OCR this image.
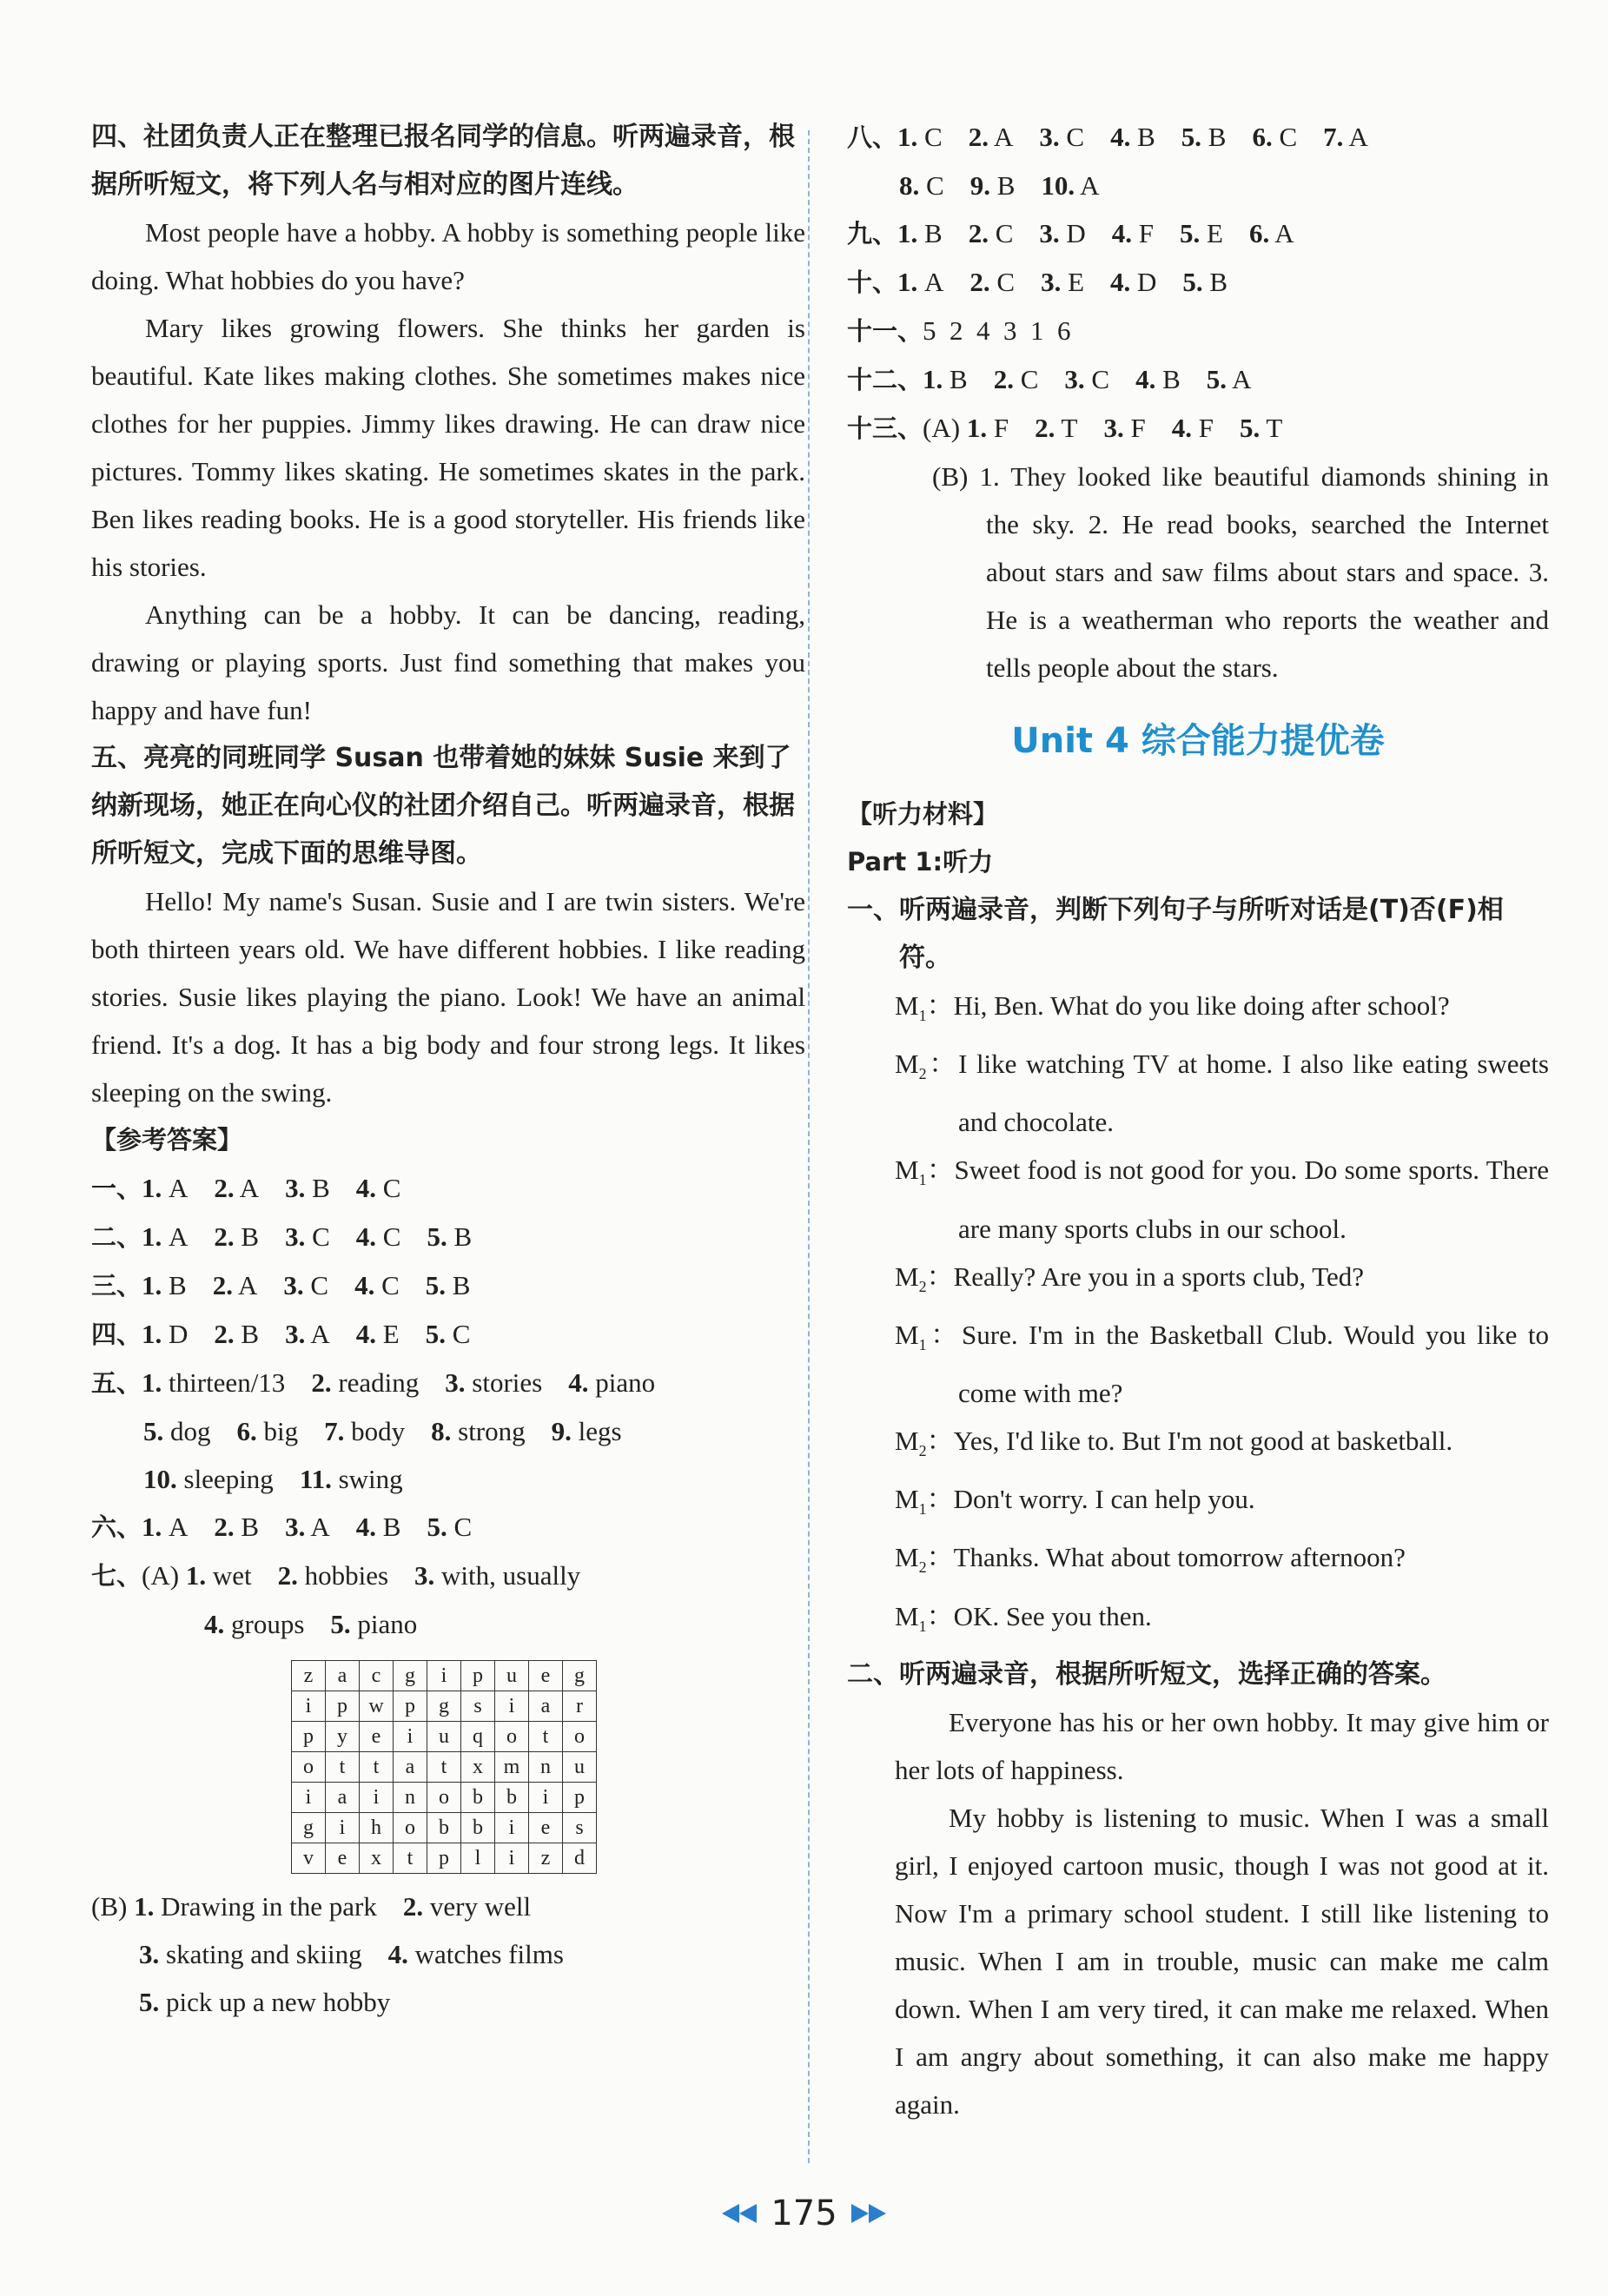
四、社团负责人正在整理已报名同学的信息。听两遍录音，根据所听短文，将下列人名与相对应的图片连线。
Most people have a hobby. A hobby is something people like doing. What hobbies do you have?
Mary likes growing flowers. She thinks her garden is beautiful. Kate likes making clothes. She sometimes makes nice clothes for her puppies. Jimmy likes drawing. He can draw nice pictures. Tommy likes skating. He sometimes skates in the park. Ben likes reading books. He is a good storyteller. His friends like his stories.
Anything can be a hobby. It can be dancing, reading, drawing or playing sports. Just find something that makes you happy and have fun!
五、亮亮的同班同学 Susan 也带着她的妹妹 Susie 来到了纳新现场，她正在向心仪的社团介绍自己。听两遍录音，根据所听短文，完成下面的思维导图。
Hello! My name's Susan. Susie and I are twin sisters. We're both thirteen years old. We have different hobbies. I like reading stories. Susie likes playing the piano. Look! We have an animal friend. It's a dog. It has a big body and four strong legs. It likes sleeping on the swing.
【参考答案】
一、1. A 2. A 3. B 4. C
二、1. A 2. B 3. C 4. C 5. B
三、1. B 2. A 3. C 4. C 5. B
四、1. D 2. B 3. A 4. E 5. C
五、1. thirteen/13 2. reading 3. stories 4. piano
5. dog 6. big 7. body 8. strong 9. legs
10. sleeping 11. swing
六、1. A 2. B 3. A 4. B 5. C
七、(A) 1. wet 2. hobbies 3. with, usually
4. groups 5. piano
z	a	c	g	i	p	u	e	g
i	p	w	p	g	s	i	a	r
p	y	e	i	u	q	o	t	o
o	t	t	a	t	x	m	n	u
i	a	i	n	o	b	b	i	p
g	i	h	o	b	b	i	e	s
v	e	x	t	p	l	i	z	d
(B) 1. Drawing in the park 2. very well
3. skating and skiing 4. watches films
5. pick up a new hobby
八、1. C 2. A 3. C 4. B 5. B 6. C 7. A
8. C 9. B 10. A
九、1. B 2. C 3. D 4. F 5. E 6. A
十、1. A 2. C 3. E 4. D 5. B
十一、5  2  4  3  1  6
十二、1. B 2. C 3. C 4. B 5. A
十三、(A) 1. F 2. T 3. F 4. F 5. T
(B) 1. They looked like beautiful diamonds shining in the sky. 2. He read books, searched the Internet about stars and saw films about stars and space. 3. He is a weatherman who reports the weather and tells people about the stars.
Unit 4 综合能力提优卷
【听力材料】
Part 1:听力
一、听两遍录音，判断下列句子与所听对话是(T)否(F)相符。
$M_1$：Hi, Ben. What do you like doing after school?
$M_2$：I like watching TV at home. I also like eating sweets and chocolate.
$M_1$：Sweet food is not good for you. Do some sports. There are many sports clubs in our school.
$M_2$：Really? Are you in a sports club, Ted?
$M_1$：Sure. I'm in the Basketball Club. Would you like to come with me?
$M_2$：Yes, I'd like to. But I'm not good at basketball.
$M_1$：Don't worry. I can help you.
$M_2$：Thanks. What about tomorrow afternoon?
$M_1$：OK. See you then.
二、听两遍录音，根据所听短文，选择正确的答案。
Everyone has his or her own hobby. It may give him or her lots of happiness.
My hobby is listening to music. When I was a small girl, I enjoyed cartoon music, though I was not good at it. Now I'm a primary school student. I still like listening to music. When I am in trouble, music can make me calm down. When I am very tired, it can make me relaxed. When I am angry about something, it can also make me happy again.
175
